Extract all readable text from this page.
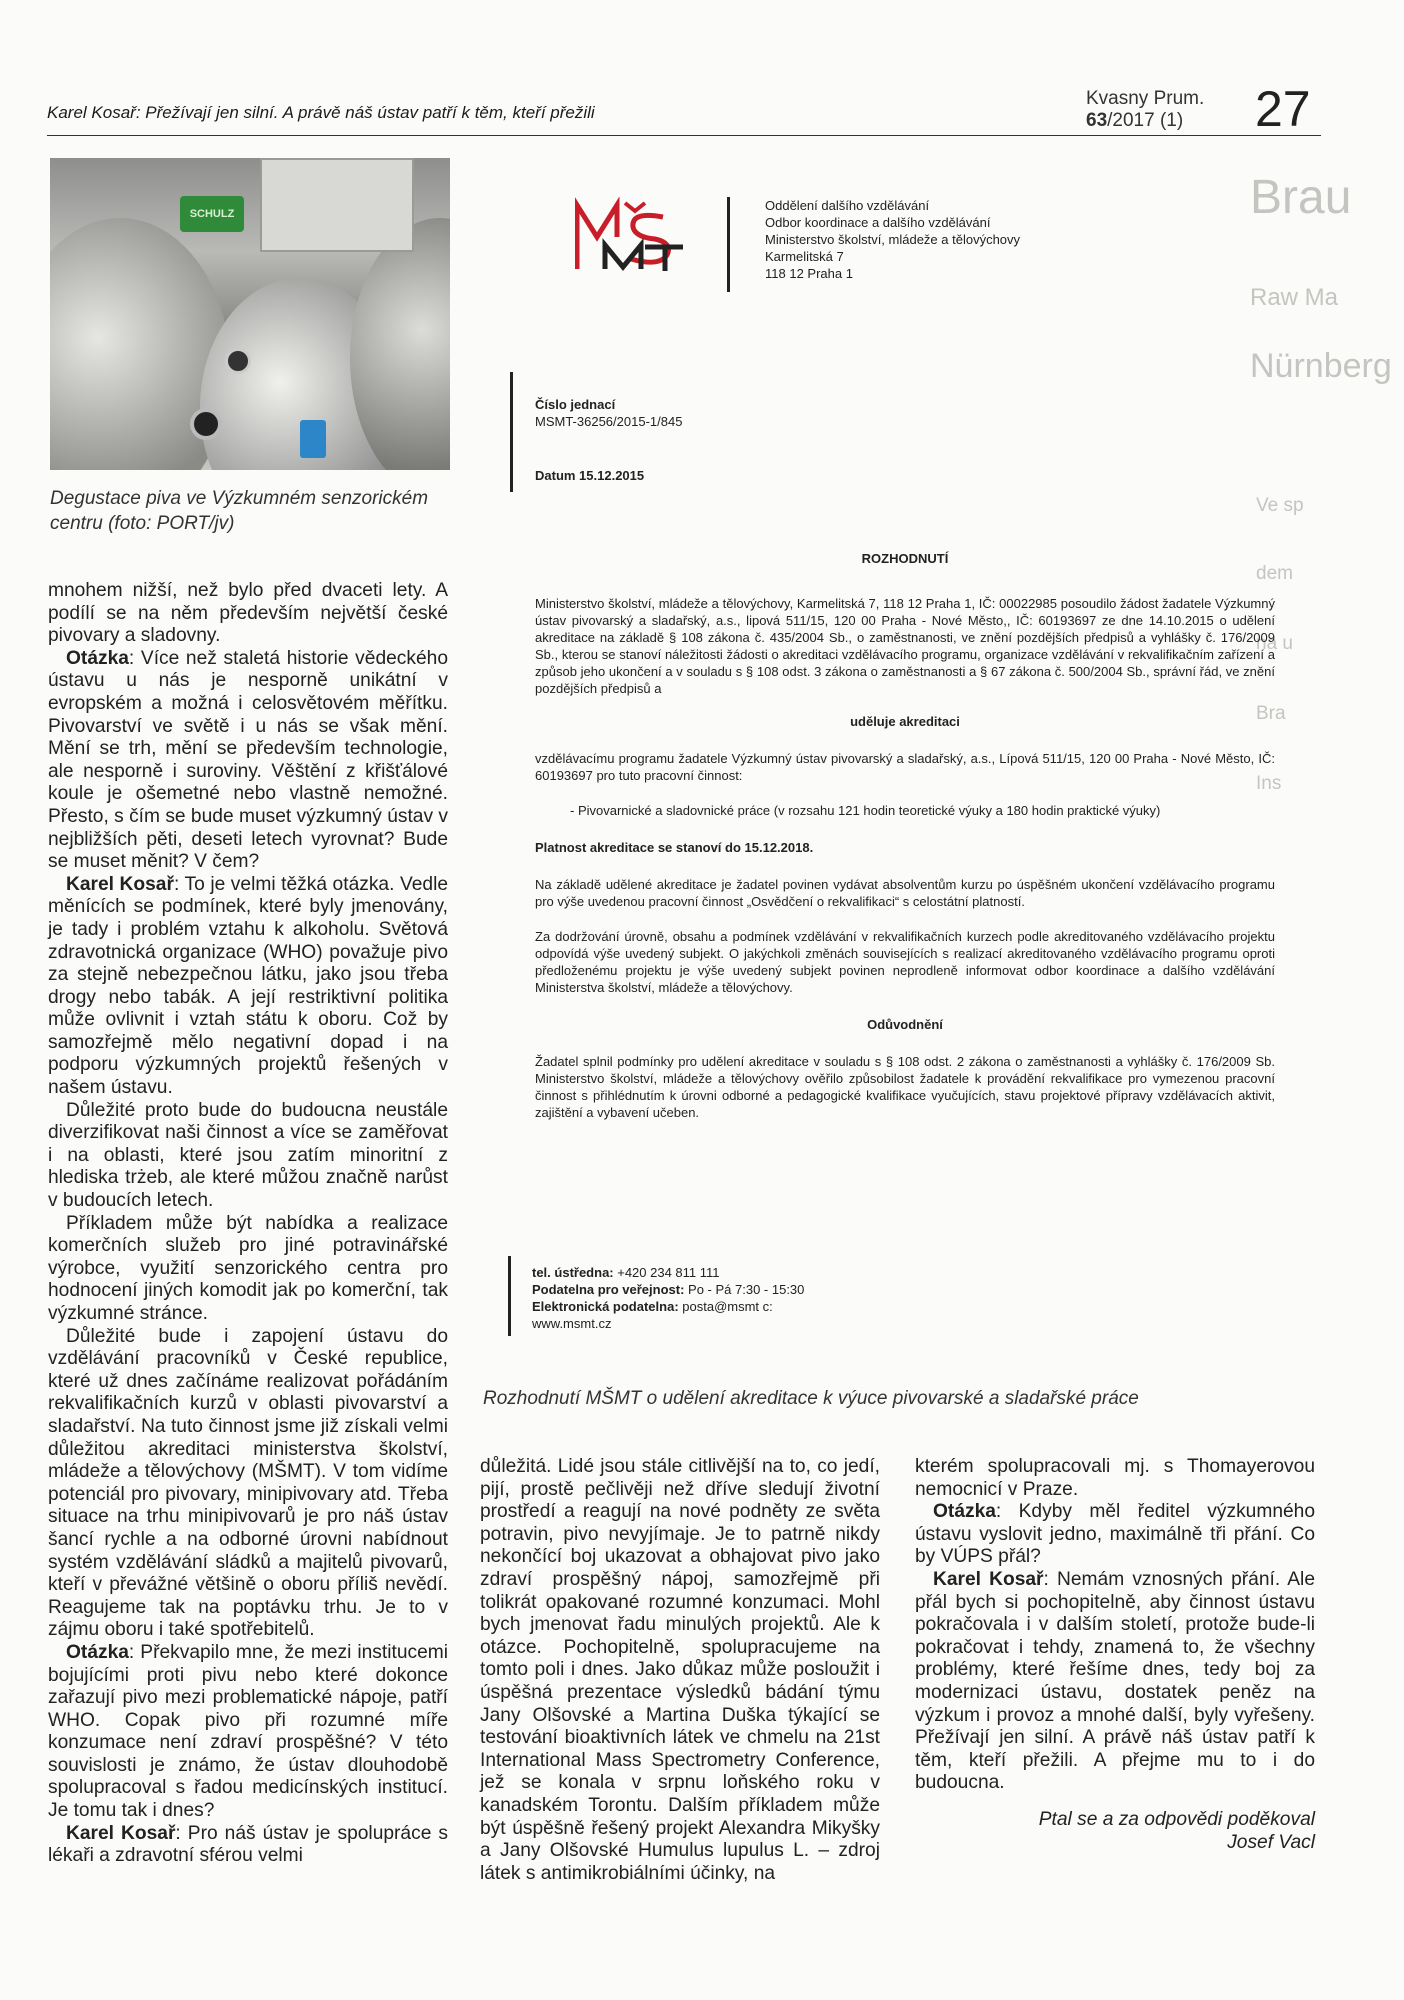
Karel Kosař: Přežívají jen silní. A právě náš ústav patří k těm, kteří přežili
Kvasny Prum.
63/2017 (1)	27
Brau
Raw Ma
Nürnberg
Ve sp
dem
na u
Bra
Ins
SCHULZ
Degustace piva ve Výzkumném senzorickém centru (foto: PORT/jv)

mnohem nižší, než bylo před dvaceti lety. A podílí se na něm především největší české pivovary a sladovny.

Otázka: Více než staletá historie vědeckého ústavu u nás je nesporně unikátní v evropském a možná i celosvětovém měřítku. Pivovarství ve světě i u nás se však mění. Mění se trh, mění se především technologie, ale nesporně i suroviny. Věštění z křišťálové koule je ošemetné nebo vlastně nemožné. Přesto, s čím se bude muset výzkumný ústav v nejbližších pěti, deseti letech vyrovnat? Bude se muset měnit? V čem?

Karel Kosař: To je velmi těžká otázka. Vedle měnících se podmínek, které byly jmenovány, je tady i problém vztahu k alkoholu. Světová zdravotnická organizace (WHO) považuje pivo za stejně nebezpečnou látku, jako jsou třeba drogy nebo tabák. A její restriktivní politika může ovlivnit i vztah státu k oboru. Což by samozřejmě mělo negativní dopad i na podporu výzkumných projektů řešených v našem ústavu.

Důležité proto bude do budoucna neustále diverzifikovat naši činnost a více se zaměřovat i na oblasti, které jsou zatím minoritní z hlediska trżeb, ale které můžou značně narůst v budoucích letech.

Příkladem může být nabídka a realizace komerčních služeb pro jiné potravinářské výrobce, využití senzorického centra pro hodnocení jiných komodit jak po komerční, tak výzkumné stránce.

Důležité bude i zapojení ústavu do vzdělávání pracovníků v České republice, které už dnes začínáme realizovat pořádáním rekvalifikačních kurzů v oblasti pivovarství a sladařství. Na tuto činnost jsme již získali velmi důležitou akreditaci ministerstva školství, mládeže a tělovýchovy (MŠMT). V tom vidíme potenciál pro pivovary, minipivovary atd. Třeba situace na trhu minipivovarů je pro náš ústav šancí rychle a na odborné úrovni nabídnout systém vzdělávání sládků a majitelů pivovarů, kteří v převážné většině o oboru příliš nevědí. Reagujeme tak na poptávku trhu. Je to v zájmu oboru i také spotřebitelů.

Otázka: Překvapilo mne, že mezi institucemi bojujícími proti pivu nebo které dokonce zařazují pivo mezi problematické nápoje, patří WHO. Copak pivo při rozumné míře konzumace není zdraví prospěšné? V této souvislosti je známo, že ústav dlouhodobě spolupracoval s řadou medicínských institucí. Je tomu tak i dnes?

Karel Kosař: Pro náš ústav je spolupráce s lékaři a zdravotní sférou velmi

MŠMT
Oddělení dalšího vzdělávání
Odbor koordinace a dalšího vzdělávání
Ministerstvo školství, mládeže a tělovýchovy
Karmelitská 7
118 12 Praha 1
Číslo jednací
MSMT-36256/2015-1/845
Datum 15.12.2015

ROZHODNUTÍ

Ministerstvo školství, mládeže a tělovýchovy, Karmelitská 7, 118 12 Praha 1, IČ: 00022985 posoudilo žádost žadatele Výzkumný ústav pivovarský a sladařský, a.s., lipová 511/15, 120 00 Praha - Nové Město,, IČ: 60193697 ze dne 14.10.2015 o udělení akreditace na základě § 108 zákona č. 435/2004 Sb., o zaměstnanosti, ve znění pozdějších předpisů a vyhlášky č. 176/2009 Sb., kterou se stanoví náležitosti žádosti o akreditaci vzdělávacího programu, organizace vzdělávání v rekvalifikačním zařízení a způsob jeho ukončení a v souladu s § 108 odst. 3 zákona o zaměstnanosti a § 67 zákona č. 500/2004 Sb., správní řád, ve znění pozdějších předpisů a

uděluje akreditaci

vzdělávacímu programu žadatele Výzkumný ústav pivovarský a sladařský, a.s., Lípová 511/15, 120 00 Praha - Nové Město, IČ: 60193697 pro tuto pracovní činnost:

- Pivovarnické a sladovnické práce (v rozsahu 121 hodin teoretické výuky a 180 hodin praktické výuky)

Platnost akreditace se stanoví do 15.12.2018.

Na základě udělené akreditace je žadatel povinen vydávat absolventům kurzu po úspěšném ukončení vzdělávacího programu pro výše uvedenou pracovní činnost „Osvědčení o rekvalifikaci“ s celostátní platností.

Za dodržování úrovně, obsahu a podmínek vzdělávání v rekvalifikačních kurzech podle akreditovaného vzdělávacího projektu odpovídá výše uvedený subjekt. O jakýchkoli změnách souvisejících s realizací akreditovaného vzdělávacího programu oproti předloženému projektu je výše uvedený subjekt povinen neprodleně informovat odbor koordinace a dalšího vzdělávání Ministerstva školství, mládeže a tělovýchovy.

Odůvodnění

Žadatel splnil podmínky pro udělení akreditace v souladu s § 108 odst. 2 zákona o zaměstnanosti a vyhlášky č. 176/2009 Sb. Ministerstvo školství, mládeže a tělovýchovy ověřilo způsobilost žadatele k provádění rekvalifikace pro vymezenou pracovní činnost s přihlédnutím k úrovni odborné a pedagogické kvalifikace vyučujících, stavu projektové přípravy vzdělávacích aktivit, zajištění a vybavení učeben.

tel. ústředna: +420 234 811 111
Podatelna pro veřejnost: Po - Pá 7:30 - 15:30
Elektronická podatelna: posta@msmt c:
www.msmt.cz
Rozhodnutí MŠMT o udělení akreditace k výuce pivovarské a sladařské práce

důležitá. Lidé jsou stále citlivější na to, co jedí, pijí, prostě pečlivěji než dříve sledují životní prostředí a reagují na nové podněty ze světa potravin, pivo nevyjímaje. Je to patrně nikdy nekončící boj ukazovat a obhajovat pivo jako zdraví prospěšný nápoj, samozřejmě při tolikrát opakované rozumné konzumaci. Mohl bych jmenovat řadu minulých projektů. Ale k otázce. Pochopitelně, spolupracujeme na tomto poli i dnes. Jako důkaz může posloužit i úspěšná prezentace výsledků bádání týmu Jany Olšovské a Martina Duška týkající se testování bioaktivních látek ve chmelu na 21st International Mass Spectrometry Conference, jež se konala v srpnu loňského roku v kanadském Torontu. Dalším příkladem může být úspěšně řešený projekt Alexandra Mikyšky a Jany Olšovské Humulus lupulus L. – zdroj látek s antimikrobiálními účinky, na

kterém spolupracovali mj. s Thomayerovou nemocnicí v Praze.

Otázka: Kdyby měl ředitel výzkumného ústavu vyslovit jedno, maximálně tři přání. Co by VÚPS přál?

Karel Kosař: Nemám vznosných přání. Ale přál bych si pochopitelně, aby činnost ústavu pokračovala i v dalším století, protože bude-li pokračovat i tehdy, znamená to, že všechny problémy, které řešíme dnes, tedy boj za modernizaci ústavu, dostatek peněz na výzkum i provoz a mnohé další, byly vyřešeny. Přežívají jen silní. A právě náš ústav patří k těm, kteří přežili. A přejme mu to i do budoucna.

Ptal se a za odpovědi poděkoval
Josef Vacl
